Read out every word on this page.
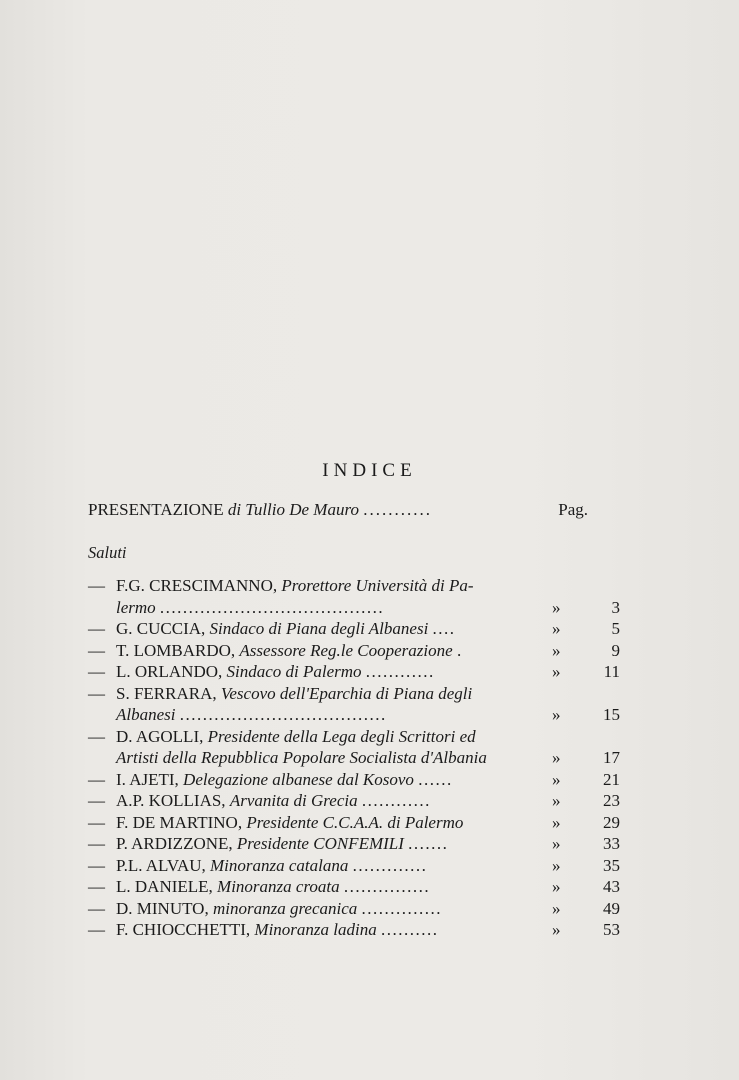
INDICE
PRESENTAZIONE di Tullio De Mauro ...........	Pag.
Saluti
— F.G. CRESCIMANNO, Prorettore Università di Pa-
lermo .......................................	»	3
— G. CUCCIA, Sindaco di Piana degli Albanesi ....	»	5
— T. LOMBARDO, Assessore Reg.le Cooperazione .	»	9
— L. ORLANDO, Sindaco di Palermo ............	»	11
— S. FERRARA, Vescovo dell'Eparchia di Piana degli
Albanesi ....................................	»	15
— D. AGOLLI, Presidente della Lega degli Scrittori ed
Artisti della Repubblica Popolare Socialista d'Albania	»	17
— I. AJETI, Delegazione albanese dal Kosovo ......	»	21
— A.P. KOLLIAS, Arvanita di Grecia ............	»	23
— F. DE MARTINO, Presidente C.C.A.A. di Palermo	»	29
— P. ARDIZZONE, Presidente CONFEMILI .......	»	33
— P.L. ALVAU, Minoranza catalana .............	»	35
— L. DANIELE, Minoranza croata ...............	»	43
— D. MINUTO, minoranza grecanica ..............	»	49
— F. CHIOCCHETTI, Minoranza ladina ..........	»	53
